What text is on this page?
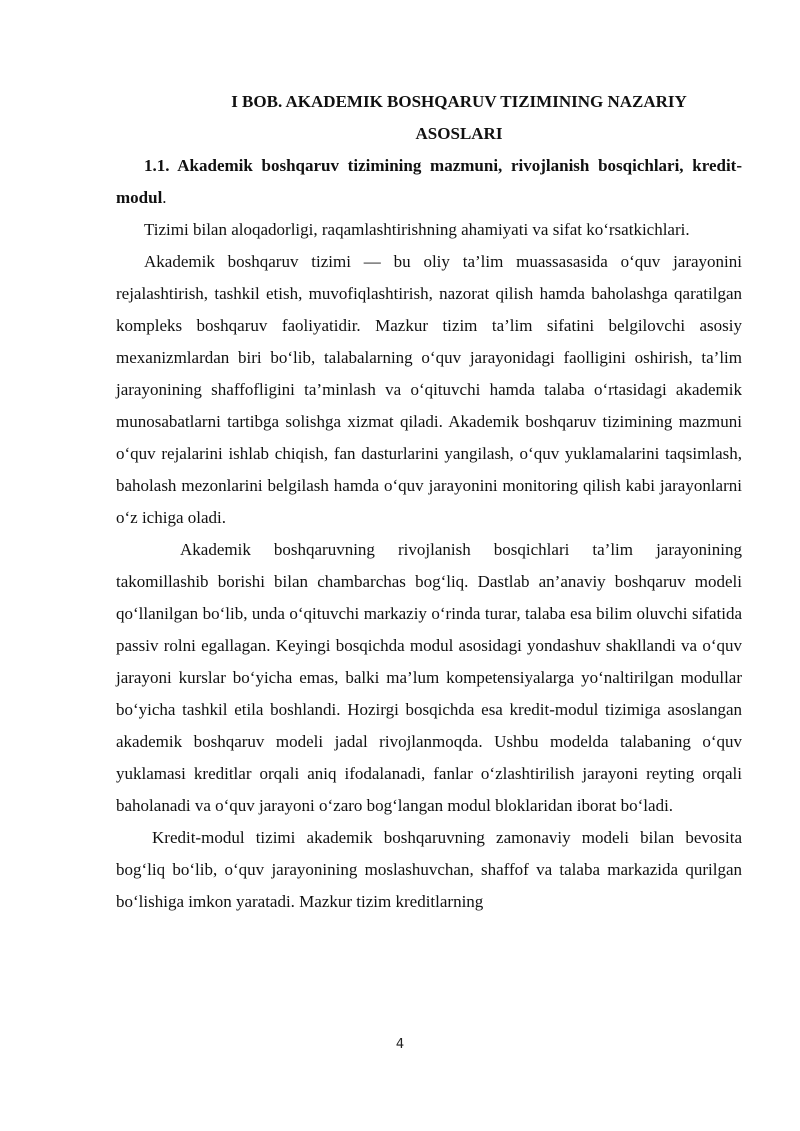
I BOB. AKADEMIK BOSHQARUV TIZIMINING NAZARIY
ASOSLARI

1.1. Akademik boshqaruv tizimining mazmuni, rivojlanish bosqichlari, kredit-modul.

Tizimi bilan aloqadorligi, raqamlashtirishning ahamiyati va sifat ko‘rsatkichlari.

Akademik boshqaruv tizimi — bu oliy ta’lim muassasasida o‘quv jarayonini rejalashtirish, tashkil etish, muvofiqlashtirish, nazorat qilish hamda baholashga qaratilgan kompleks boshqaruv faoliyatidir. Mazkur tizim ta’lim sifatini belgilovchi asosiy mexanizmlardan biri bo‘lib, talabalarning o‘quv jarayonidagi faolligini oshirish, ta’lim jarayonining shaffofligini ta’minlash va o‘qituvchi hamda talaba o‘rtasidagi akademik munosabatlarni tartibga solishga xizmat qiladi. Akademik boshqaruv tizimining mazmuni o‘quv rejalarini ishlab chiqish, fan dasturlarini yangilash, o‘quv yuklamalarini taqsimlash, baholash mezonlarini belgilash hamda o‘quv jarayonini monitoring qilish kabi jarayonlarni o‘z ichiga oladi.

Akademik boshqaruvning rivojlanish bosqichlari ta’lim jarayonining takomillashib borishi bilan chambarchas bog‘liq. Dastlab an’anaviy boshqaruv modeli qo‘llanilgan bo‘lib, unda o‘qituvchi markaziy o‘rinda turar, talaba esa bilim oluvchi sifatida passiv rolni egallagan. Keyingi bosqichda modul asosidagi yondashuv shakllandi va o‘quv jarayoni kurslar bo‘yicha emas, balki ma’lum kompetensiyalarga yo‘naltirilgan modullar bo‘yicha tashkil etila boshlandi. Hozirgi bosqichda esa kredit-modul tizimiga asoslangan akademik boshqaruv modeli jadal rivojlanmoqda. Ushbu modelda talabaning o‘quv yuklamasi kreditlar orqali aniq ifodalanadi, fanlar o‘zlashtirilish jarayoni reyting orqali baholanadi va o‘quv jarayoni o‘zaro bog‘langan modul bloklaridan iborat bo‘ladi.

Kredit-modul tizimi akademik boshqaruvning zamonaviy modeli bilan bevosita bog‘liq bo‘lib, o‘quv jarayonining moslashuvchan, shaffof va talaba markazida qurilgan bo‘lishiga imkon yaratadi. Mazkur tizim kreditlarning

4
